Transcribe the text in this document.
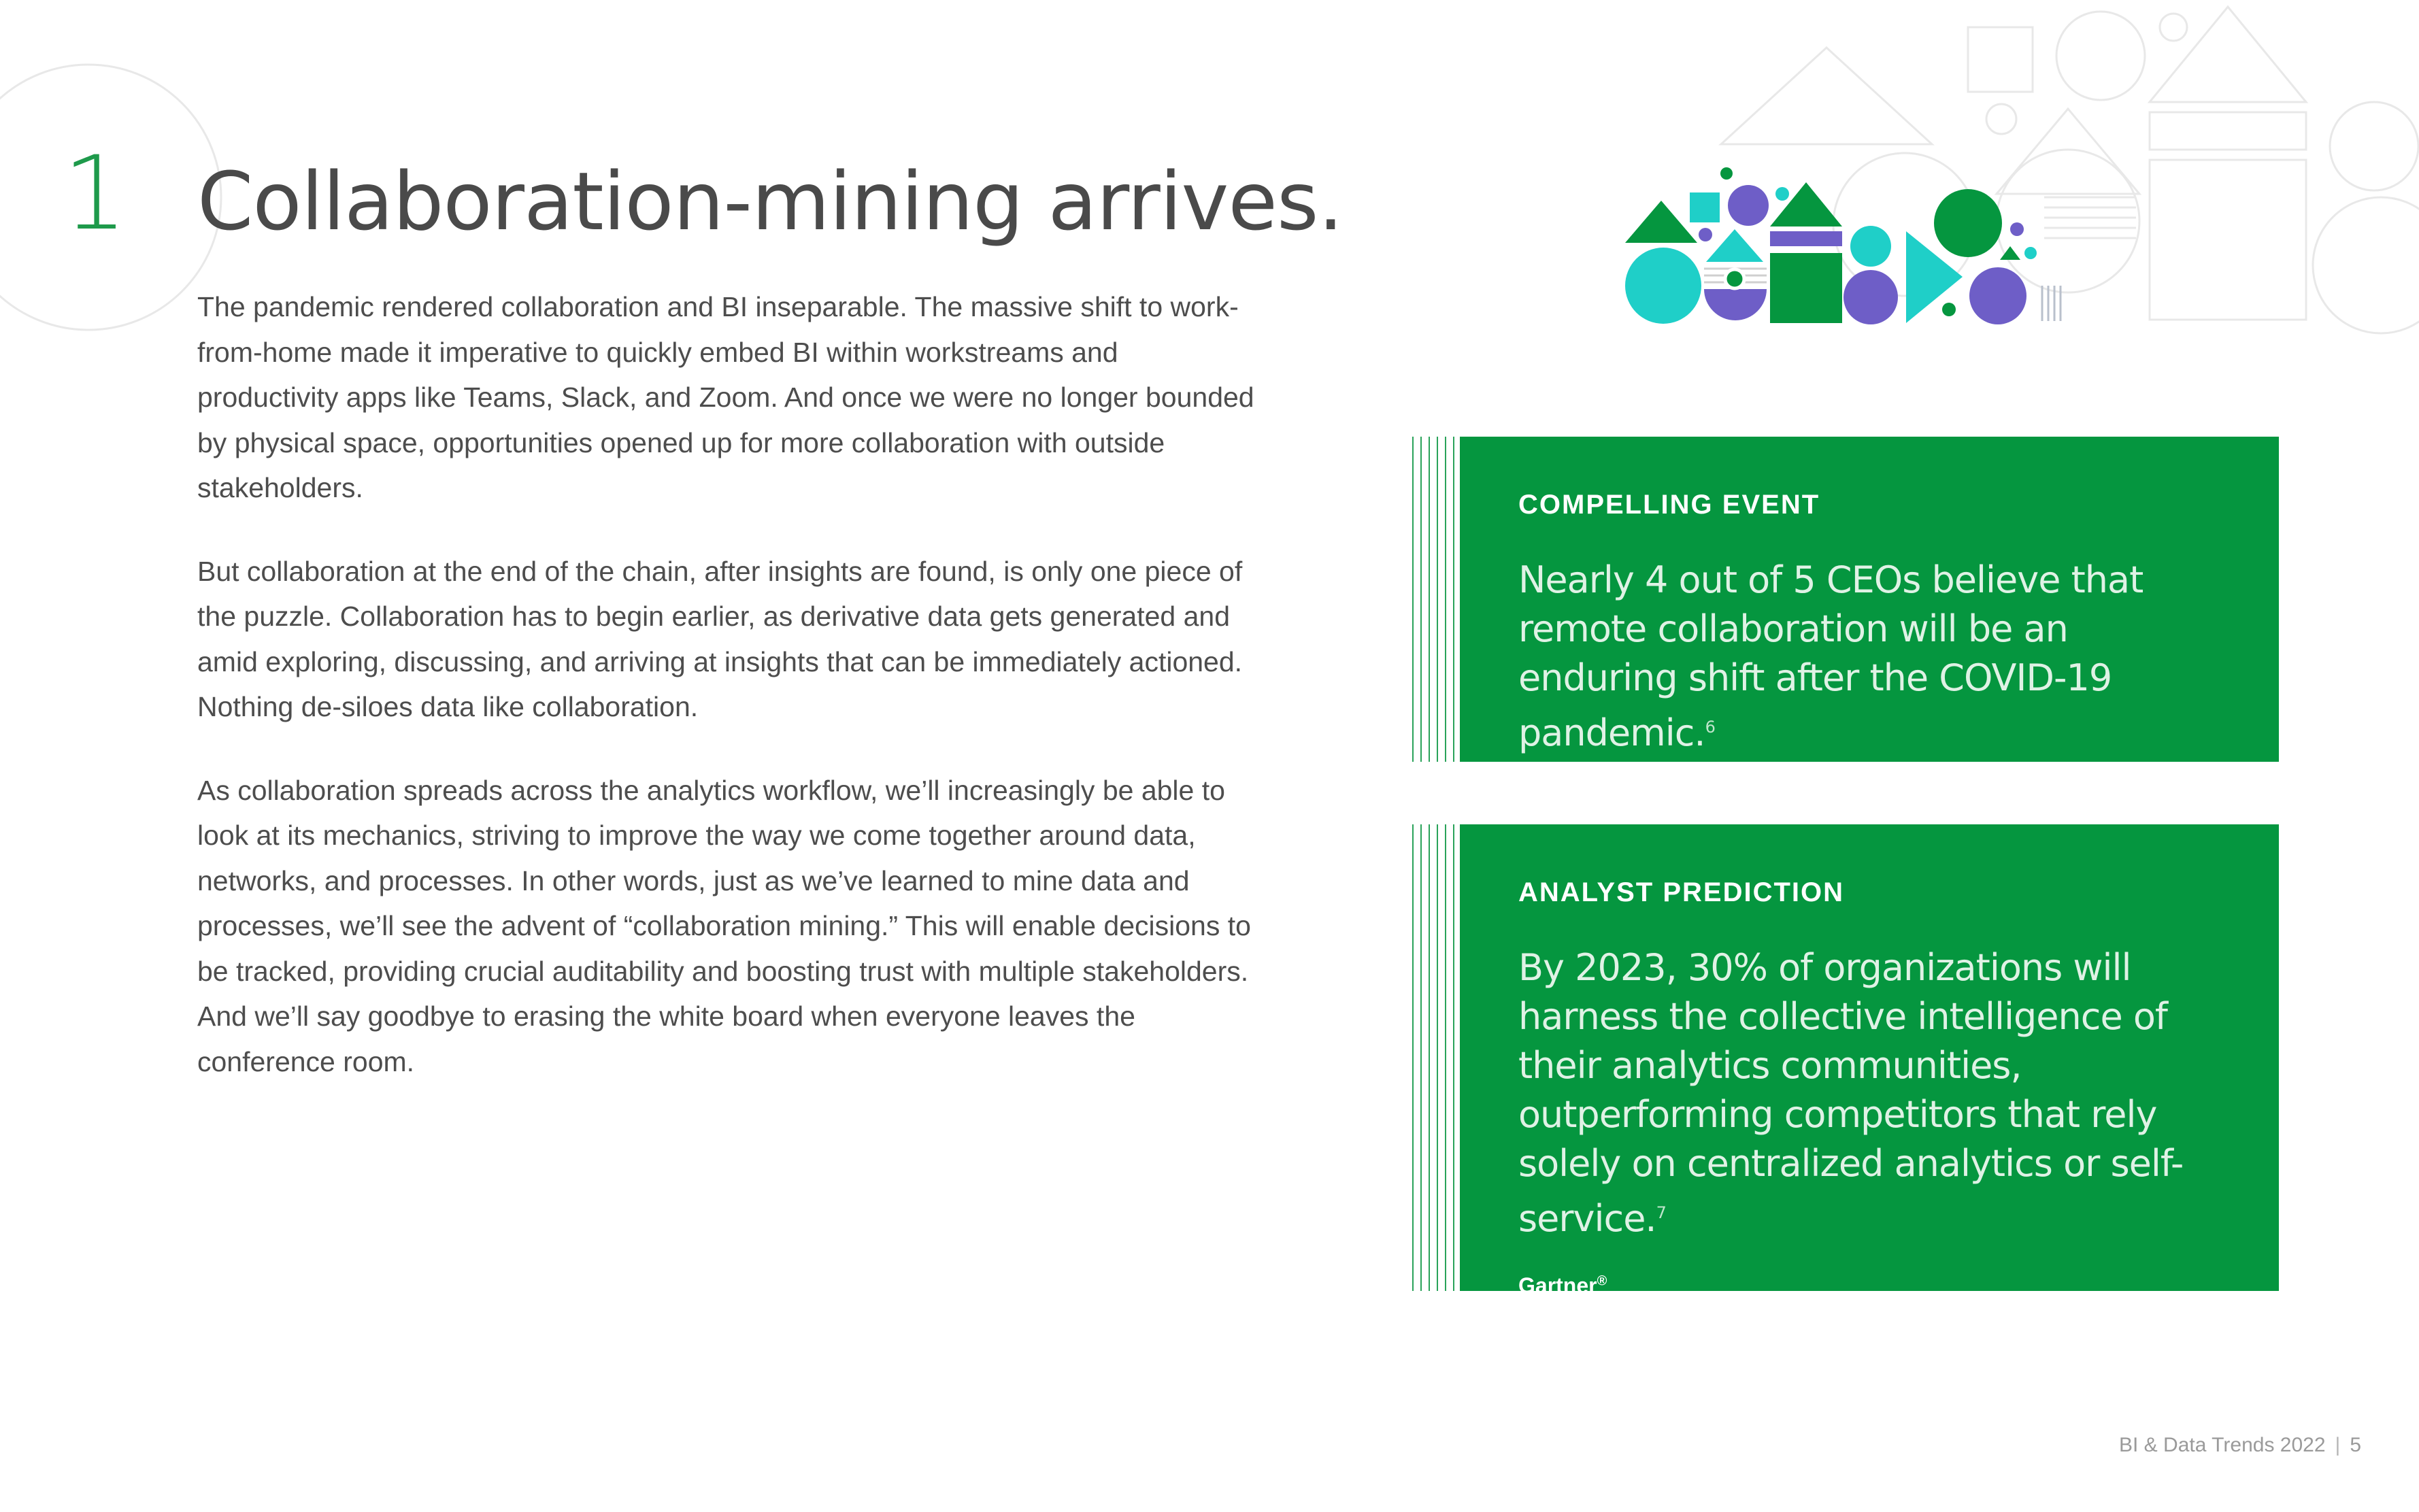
1 Collaboration-mining arrives.

The pandemic rendered collaboration and BI inseparable. The massive shift to work-from-home made it imperative to quickly embed BI within workstreams and productivity apps like Teams, Slack, and Zoom. And once we were no longer bounded by physical space, opportunities opened up for more collaboration with outside stakeholders.

But collaboration at the end of the chain, after insights are found, is only one piece of the puzzle. Collaboration has to begin earlier, as derivative data gets generated and amid exploring, discussing, and arriving at insights that can be immediately actioned. Nothing de-siloes data like collaboration.

As collaboration spreads across the analytics workflow, we’ll increasingly be able to look at its mechanics, striving to improve the way we come together around data, networks, and processes. In other words, just as we’ve learned to mine data and processes, we’ll see the advent of “collaboration mining.” This will enable decisions to be tracked, providing crucial auditability and boosting trust with multiple stakeholders. And we’ll say goodbye to erasing the white board when everyone leaves the conference room.

COMPELLING EVENT
Nearly 4 out of 5 CEOs believe that remote collaboration will be an enduring shift after the COVID-19 pandemic.$^6$
ANALYST PREDICTION
By 2023, 30% of organizations will harness the collective intelligence of their analytics communities, outperforming competitors that rely solely on centralized analytics or self-service.$^7$
Gartner®
BI & Data Trends 2022 | 5
